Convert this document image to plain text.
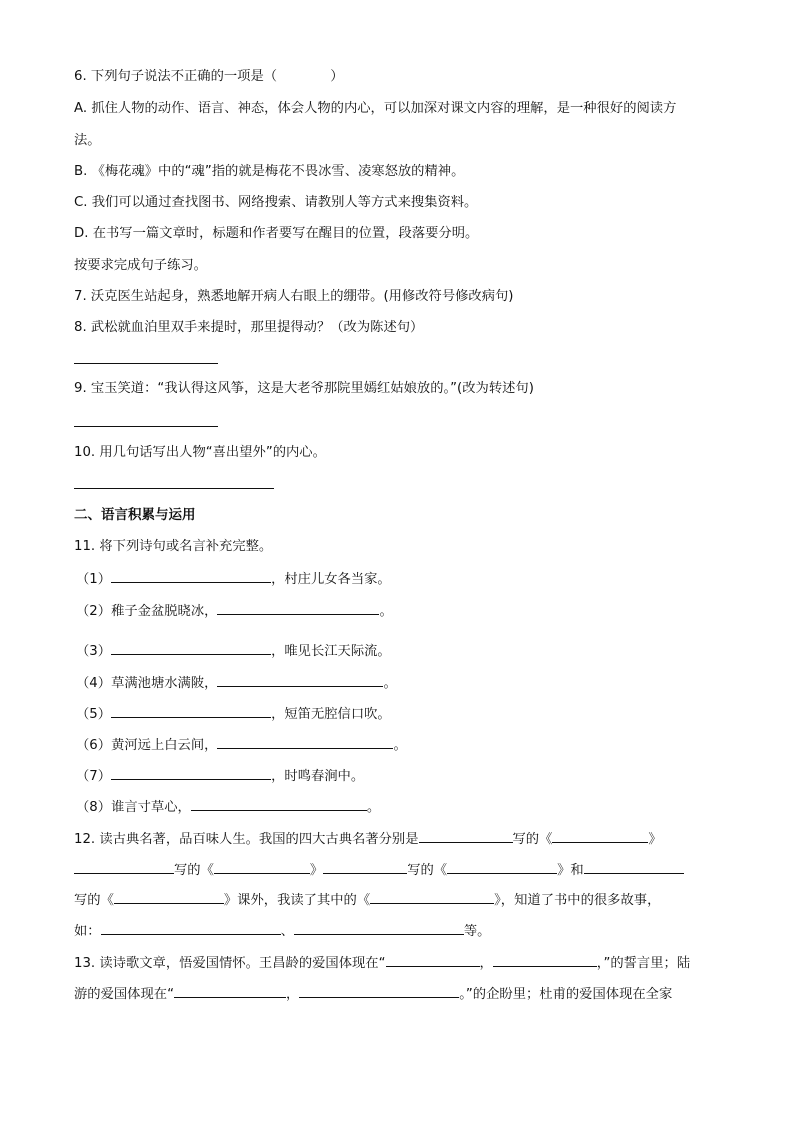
6. 下列句子说法不正确的一项是（　　　　）
A. 抓住人物的动作、语言、神态，体会人物的内心，可以加深对课文内容的理解，是一种很好的阅读方
法。
B. 《梅花魂》中的“魂”指的就是梅花不畏冰雪、凌寒怒放的精神。
C. 我们可以通过查找图书、网络搜索、请教别人等方式来搜集资料。
D. 在书写一篇文章时，标题和作者要写在醒目的位置，段落要分明。
按要求完成句子练习。
7. 沃克医生站起身，熟悉地解开病人右眼上的绷带。(用修改符号修改病句)
8. 武松就血泊里双手来提时，那里提得动？（改为陈述句）
9. 宝玉笑道：“我认得这风筝，这是大老爷那院里嫣红姑娘放的。”(改为转述句)
10. 用几句话写出人物“喜出望外”的内心。
二、语言积累与运用
11. 将下列诗句或名言补充完整。
（1）	，村庄儿女各当家。
（2）稚子金盆脱晓冰，	。
（3）	，唯见长江天际流。
（4）草满池塘水满陂，	。
（5）	，短笛无腔信口吹。
（6）黄河远上白云间，	。
（7）	，时鸣春涧中。
（8）谁言寸草心，	。
12. 读古典名著，品百味人生。我国的四大古典名著分别是	写的《	》
写的《	》	写的《	》和
写的《	》课外，我读了其中的《	》，知道了书中的很多故事，
如：	、	等。
13. 读诗歌文章，悟爱国情怀。王昌龄的爱国体现在“	，	，”的誓言里；陆
游的爱国体现在“	，	。”的企盼里；杜甫的爱国体现在全家
